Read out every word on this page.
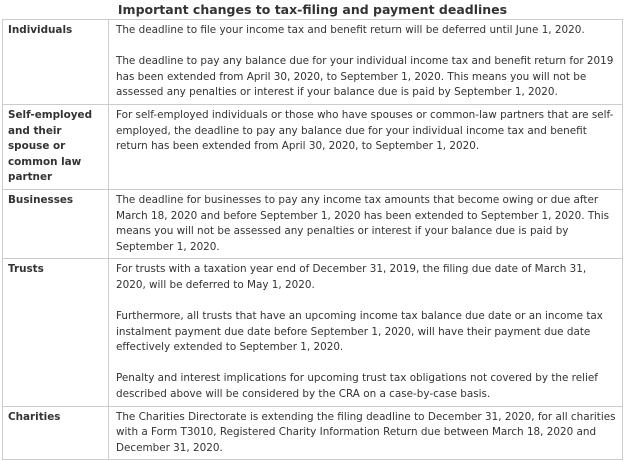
Important changes to tax-filing and payment deadlines
Individuals	The deadline to file your income tax and benefit return will be deferred until June 1, 2020.

The deadline to pay any balance due for your individual income tax and benefit return for 2019 has been extended from April 30, 2020, to September 1, 2020. This means you will not be assessed any penalties or interest if your balance due is paid by September 1, 2020.

Self-employed and their spouse or common law partner	For self-employed individuals or those who have spouses or common-law partners that are self-employed, the deadline to pay any balance due for your individual income tax and benefit return has been extended from April 30, 2020, to September 1, 2020.

Businesses	The deadline for businesses to pay any income tax amounts that become owing or due after March 18, 2020 and before September 1, 2020 has been extended to September 1, 2020. This means you will not be assessed any penalties or interest if your balance due is paid by September 1, 2020.

Trusts	For trusts with a taxation year end of December 31, 2019, the filing due date of March 31, 2020, will be deferred to May 1, 2020.

Furthermore, all trusts that have an upcoming income tax balance due date or an income tax instalment payment due date before September 1, 2020, will have their payment due date effectively extended to September 1, 2020.

Penalty and interest implications for upcoming trust tax obligations not covered by the relief described above will be considered by the CRA on a case-by-case basis.

Charities	The Charities Directorate is extending the filing deadline to December 31, 2020, for all charities with a Form T3010, Registered Charity Information Return due between March 18, 2020 and December 31, 2020.
